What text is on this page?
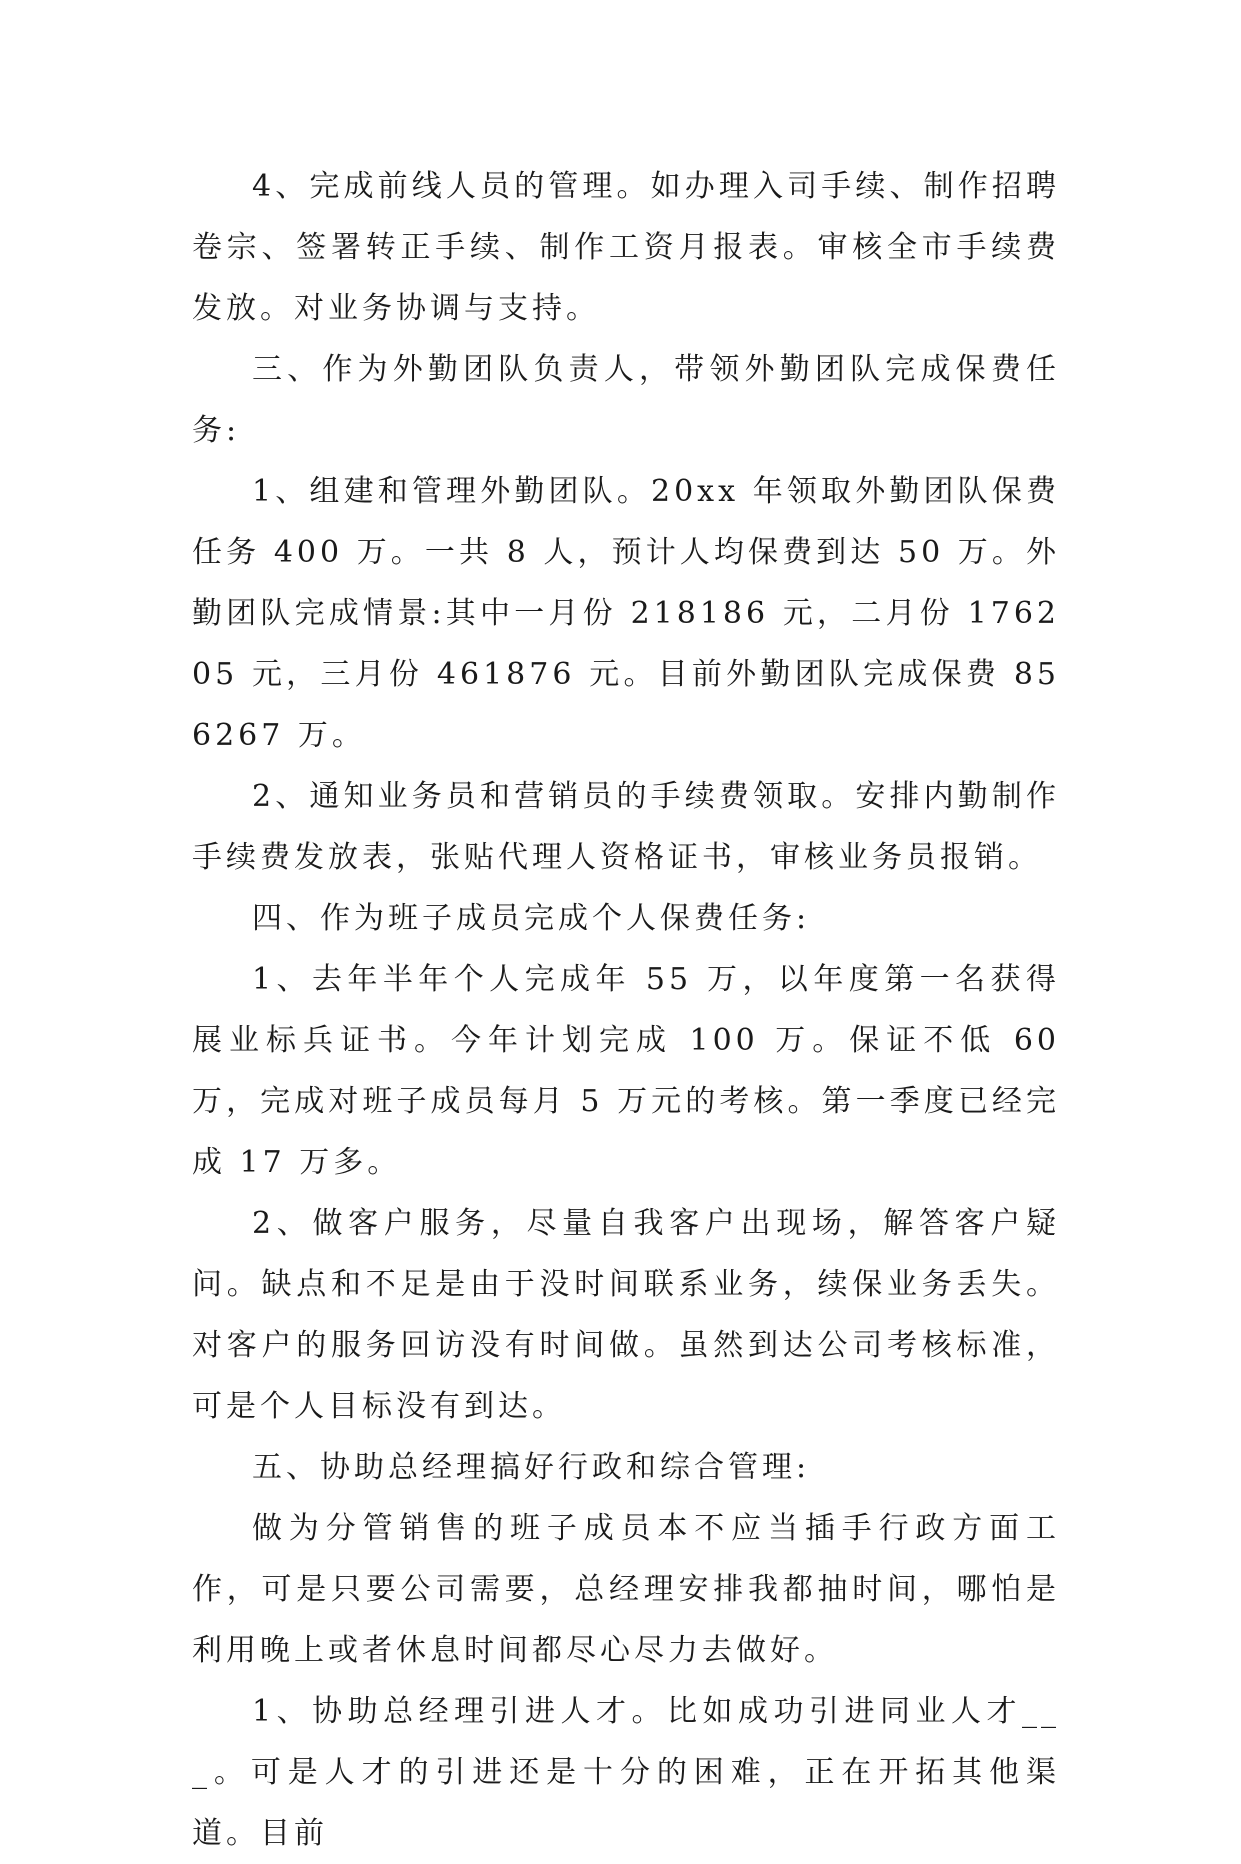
4、完成前线人员的管理。如办理入司手续、制作招聘卷宗、签署转正手续、制作工资月报表。审核全市手续费发放。对业务协调与支持。

三、作为外勤团队负责人，带领外勤团队完成保费任务:

1、组建和管理外勤团队。20xx 年领取外勤团队保费任务 400 万。一共 8 人，预计人均保费到达 50 万。外勤团队完成情景:其中一月份 218186 元，二月份 176205 元，三月份 461876 元。目前外勤团队完成保费 856267 万。

2、通知业务员和营销员的手续费领取。安排内勤制作手续费发放表，张贴代理人资格证书，审核业务员报销。

四、作为班子成员完成个人保费任务:

1、去年半年个人完成年 55 万，以年度第一名获得展业标兵证书。今年计划完成 100 万。保证不低 60 万，完成对班子成员每月 5 万元的考核。第一季度已经完成 17 万多。

2、做客户服务，尽量自我客户出现场，解答客户疑问。缺点和不足是由于没时间联系业务，续保业务丢失。对客户的服务回访没有时间做。虽然到达公司考核标准，可是个人目标没有到达。

五、协助总经理搞好行政和综合管理:

做为分管销售的班子成员本不应当插手行政方面工作，可是只要公司需要，总经理安排我都抽时间，哪怕是利用晚上或者休息时间都尽心尽力去做好。

1、协助总经理引进人才。比如成功引进同业人才___。可是人才的引进还是十分的困难，正在开拓其他渠道。目前
